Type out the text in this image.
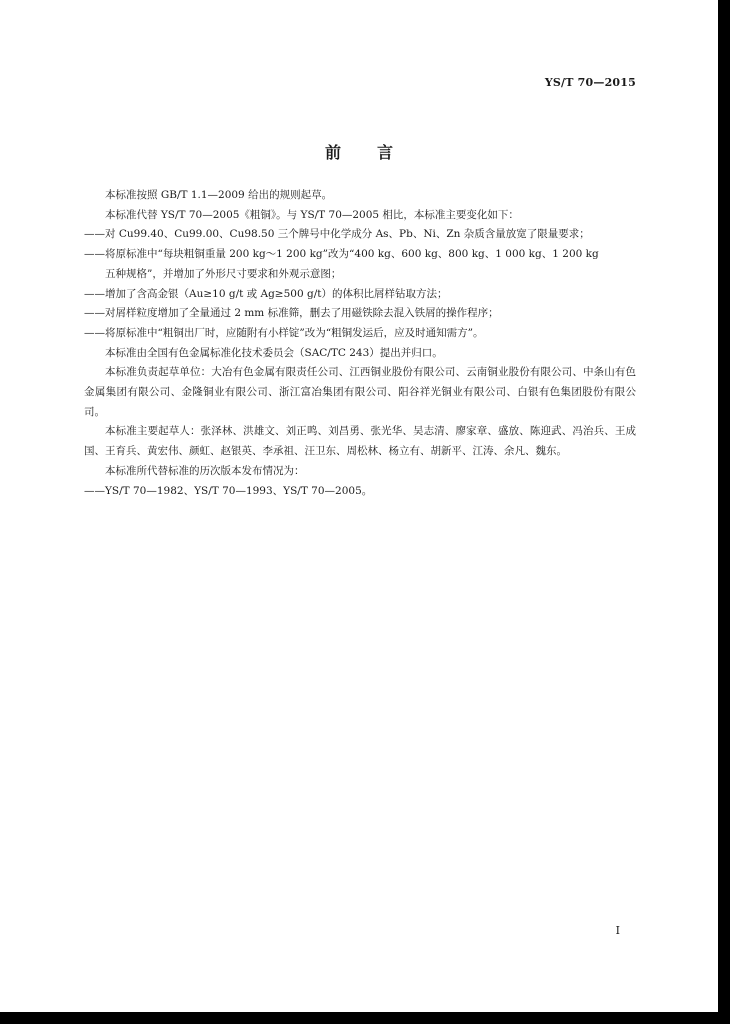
YS/T 70—2015
前言

本标准按照 GB/T 1.1—2009 给出的规则起草。

本标准代替 YS/T 70—2005《粗铜》。与 YS/T 70—2005 相比，本标准主要变化如下：

——对 Cu99.40、Cu99.00、Cu98.50 三个牌号中化学成分 As、Pb、Ni、Zn 杂质含量放宽了限量要求；

——将原标准中“每块粗铜重量 200 kg～1 200 kg”改为“400 kg、600 kg、800 kg、1 000 kg、1 200 kg
五种规格”，并增加了外形尺寸要求和外观示意图；

——增加了含高金银（Au≥10 g/t 或 Ag≥500 g/t）的体积比屑样钻取方法；

——对屑样粒度增加了全量通过 2 mm 标准筛，删去了用磁铁除去混入铁屑的操作程序；

——将原标准中“粗铜出厂时，应随附有小样锭”改为“粗铜发运后，应及时通知需方”。

本标准由全国有色金属标准化技术委员会（SAC/TC 243）提出并归口。

本标准负责起草单位：大冶有色金属有限责任公司、江西铜业股份有限公司、云南铜业股份有限公司、中条山有色金属集团有限公司、金隆铜业有限公司、浙江富冶集团有限公司、阳谷祥光铜业有限公司、白银有色集团股份有限公司。

本标准主要起草人：张泽林、洪雄文、刘正鸣、刘昌勇、张光华、吴志清、廖家章、盛放、陈迎武、冯治兵、王成国、王育兵、黄宏伟、颜虹、赵银英、李承祖、汪卫东、周松林、杨立有、胡新平、江涛、余凡、魏东。

本标准所代替标准的历次版本发布情况为：

——YS/T 70—1982、YS/T 70—1993、YS/T 70—2005。

I
